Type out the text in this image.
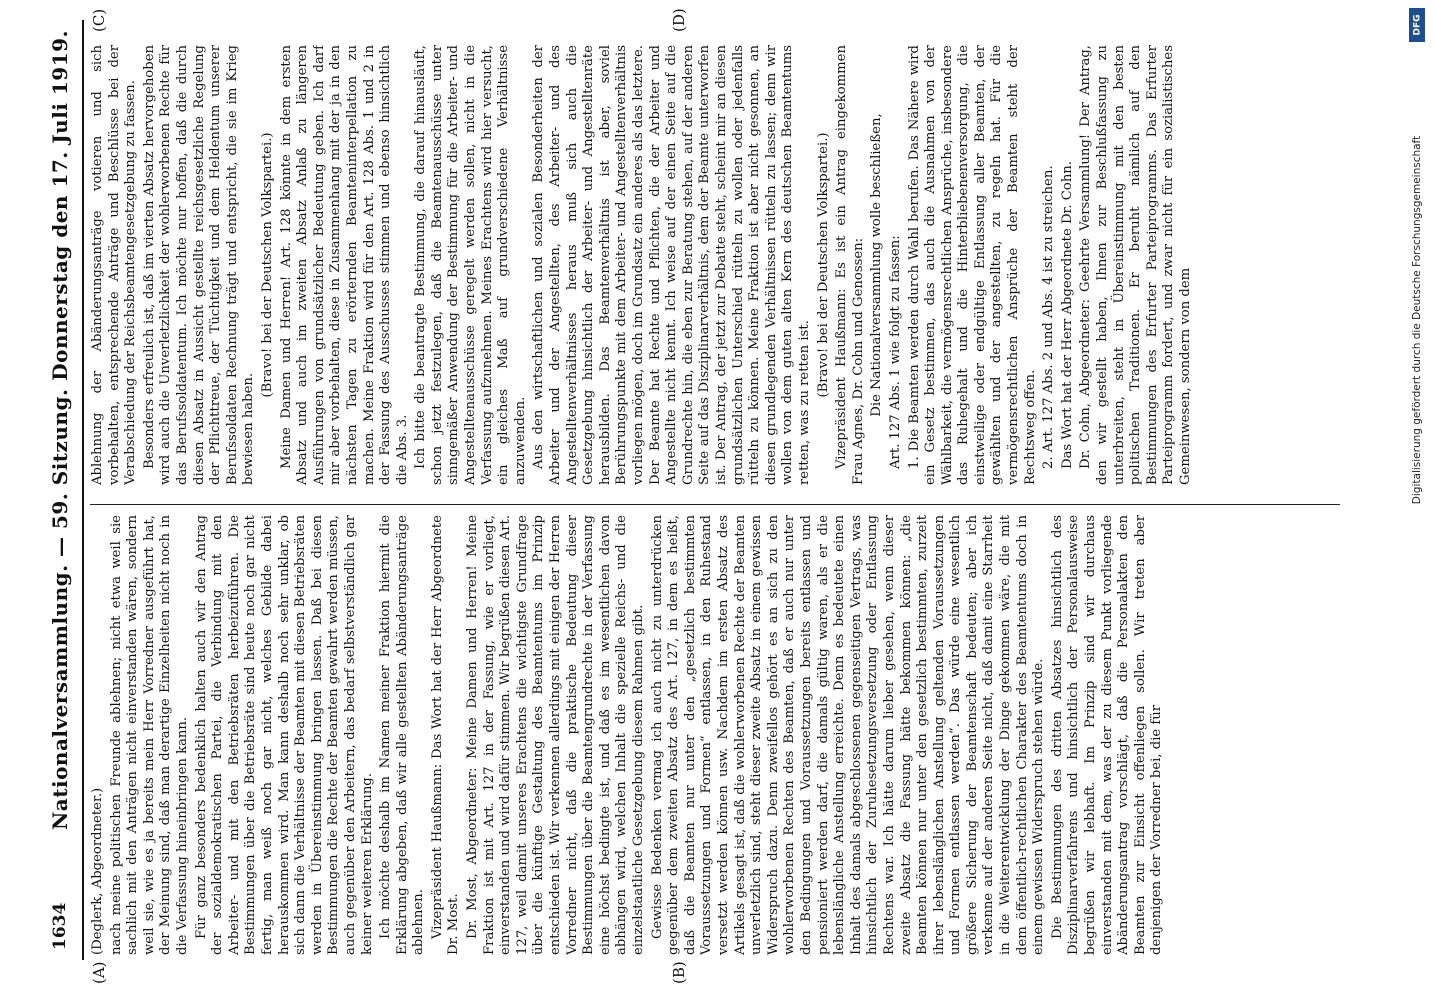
1634
Nationalversammlung. — 59. Sitzung.
Donnerstag den 17. Juli 1919.
(A)	(B)
(C)	(D)

(Deglerk, Abgeordneter.) nach meine politischen Freunde ablehnen; nicht etwa weil sie sachlich mit den Anträgen nicht einverstanden wären, sondern weil sie, wie es ja bereits mein Herr Vorredner ausgeführt hat, der Meinung sind, daß man derartige Einzelheiten nicht noch in die Verfassung hineinbringen kann. Für ganz besonders bedenklich halten auch wir den Antrag der sozialdemokratischen Partei, die Verbindung mit den Arbeiter- und mit den Betriebsräten herbeizuführen. Die Bestimmungen über die Betriebsräte sind heute noch gar nicht fertig, man weiß noch gar nicht, welches Gebilde dabei herauskommen wird. Man kann deshalb noch sehr unklar, ob sich dann die Verhältnisse der Beamten mit diesen Betriebsräten werden in Übereinstimmung bringen lassen. Daß bei diesen Bestimmungen die Rechte der Beamten gewahrt werden müssen, auch gegenüber den Arbeitern, das bedarf selbstverständlich gar keiner weiteren Erklärung. Ich möchte deshalb im Namen meiner Fraktion hiermit die Erklärung abgeben, daß wir alle gestellten Abänderungsanträge ablehnen. Vizepräsident Haußmann: Das Wort hat der Herr Abgeordnete Dr. Most. Dr. Most, Abgeordneter: Meine Damen und Herren! Meine Fraktion ist mit Art. 127 in der Fassung, wie er vorliegt, einverstanden und wird dafür stimmen. Wir begrüßen diesen Art. 127, weil damit unseres Erachtens die wichtigste Grundfrage über die künftige Gestaltung des Beamtentums im Prinzip entschieden ist. Wir verkennen allerdings mit einigen der Herren Vorredner nicht, daß die praktische Bedeutung dieser Bestimmungen über die Beamtengrundrechte in der Verfassung eine höchst bedingte ist, und daß es im wesentlichen davon abhängen wird, welchen Inhalt die spezielle Reichs- und die einzelstaatliche Gesetzgebung diesem Rahmen gibt. Gewisse Bedenken vermag ich auch nicht zu unterdrücken gegenüber dem zweiten Absatz des Art. 127, in dem es heißt, daß die Beamten nur unter den „gesetzlich bestimmten Voraussetzungen und Formen“ entlassen, in den Ruhestand versetzt werden können usw. Nachdem im ersten Absatz des Artikels gesagt ist, daß die wohlerworbenen Rechte der Beamten unverletzlich sind, steht dieser zweite Absatz in einem gewissen Widerspruch dazu. Denn zweifellos gehört es an sich zu den wohlerworbenen Rechten des Beamten, daß er auch nur unter den Bedingungen und Voraussetzungen bereits entlassen und pensioniert werden darf, die damals gültig waren, als er die lebenslängliche Anstellung erreichte. Denn es bedeutete einen Inhalt des damals abgeschlossenen gegenseitigen Vertrags, was hinsichtlich der Zuruhesetzungsversetzung oder Entlassung Rechtens war. Ich hätte darum lieber gesehen, wenn dieser zweite Absatz die Fassung hätte bekommen können: „die Beamten können nur unter den gesetzlich bestimmten, zurzeit ihrer lebenslänglichen Anstellung geltenden Voraussetzungen und Formen entlassen werden“. Das würde eine wesentlich größere Sicherung der Beamtenschaft bedeuten; aber ich verkenne auf der anderen Seite nicht, daß damit eine Starrheit in die Weiterentwicklung der Dinge gekommen wäre, die mit dem öffentlich-rechtlichen Charakter des Beamtentums doch in einem gewissen Widerspruch stehen würde. Die Bestimmungen des dritten Absatzes hinsichtlich des Disziplinarverfahrens und hinsichtlich der Personalausweise begrüßen wir lebhaft. Im Prinzip sind wir durchaus einverstanden mit dem, was der zu diesem Punkt vorliegende Abänderungsantrag vorschlägt, daß die Personalakten den Beamten zur Einsicht offenliegen sollen. Wir treten aber denjenigen der Vorredner bei, die für

Ablehnung der Abänderungsanträge votieren und sich vorbehalten, entsprechende Anträge und Beschlüsse bei der Verabschiedung der Reichsbeamtengesetzgebung zu fassen. Besonders erfreulich ist, daß im vierten Absatz hervorgehoben wird auch die Unverletzlichkeit der wohlerworbenen Rechte für das Berufssoldatentum. Ich möchte nur hoffen, daß die durch diesen Absatz in Aussicht gestellte reichsgesetzliche Regelung der Pflichttreue, der Tüchtigkeit und dem Heldentum unserer Berufssoldaten Rechnung trägt und entspricht, die sie im Krieg bewiesen haben.

(Bravo! bei der Deutschen Volkspartei.) Meine Damen und Herren! Art. 128 könnte in dem ersten Absatz und auch im zweiten Absatz Anlaß zu längeren Ausführungen von grundsätzlicher Bedeutung geben. Ich darf mir aber vorbehalten, diese in Zusammenhang mit der ja in den nächsten Tagen zu erörternden Beamteninterpellation zu machen. Meine Fraktion wird für den Art. 128 Abs. 1 und 2 in der Fassung des Ausschusses stimmen und ebenso hinsichtlich die Abs. 3. Ich bitte die beantragte Bestimmung, die darauf hinausläuft, schon jetzt festzulegen, daß die Beamtenausschüsse unter sinngemäßer Anwendung der Bestimmung für die Arbeiter- und Angestelltenausschüsse geregelt werden sollen, nicht in die Verfassung aufzunehmen. Meines Erachtens wird hier versucht, ein gleiches Maß auf grundverschiedene Verhältnisse anzuwenden. Aus den wirtschaftlichen und sozialen Besonderheiten der Arbeiter und der Angestellten, des Arbeiter- und des Angestelltenverhältnisses heraus muß sich auch die Gesetzgebung hinsichtlich der Arbeiter- und Angestelltenräte herausbilden. Das Beamtenverhältnis ist aber, soviel Berührungspunkte mit dem Arbeiter- und Angestelltenverhältnis vorliegen mögen, doch im Grundsatz ein anderes als das letztere. Der Beamte hat Rechte und Pflichten, die der Arbeiter und Angestellte nicht kennt. Ich weise auf der einen Seite auf die Grundrechte hin, die eben zur Beratung stehen, auf der anderen Seite auf das Disziplinarverhältnis, dem der Beamte unterworfen ist. Der Antrag, der jetzt zur Debatte steht, scheint mir an diesen grundsätzlichen Unterschied rütteln zu wollen oder jedenfalls rütteln zu können. Meine Fraktion ist aber nicht gesonnen, an diesen grundlegenden Verhältnissen rütteln zu lassen; denn wir wollen von dem guten alten Kern des deutschen Beamtentums retten, was zu retten ist.

(Bravo! bei der Deutschen Volkspartei.) Vizepräsident Haußmann: Es ist ein Antrag eingekommen Frau Agnes, Dr. Cohn und Genossen: Die Nationalversammlung wolle beschließen, Art. 127 Abs. 1 wie folgt zu fassen: 1. Die Beamten werden durch Wahl berufen. Das Nähere wird ein Gesetz bestimmen, das auch die Ausnahmen von der Wählbarkeit, die vermögensrechtlichen Ansprüche, insbesondere das Ruhegehalt und die Hinterbliebenenversorgung, die einstweilige oder endgültige Entlassung aller Beamten, der gewählten und der angestellten, zu regeln hat. Für die vermögensrechtlichen Ansprüche der Beamten steht der Rechtsweg offen. 2. Art. 127 Abs. 2 und Abs. 4 ist zu streichen. Das Wort hat der Herr Abgeordnete Dr. Cohn. Dr. Cohn, Abgeordneter: Geehrte Versammlung! Der Antrag, den wir gestellt haben, Ihnen zur Beschlußfassung zu unterbreiten, steht in Übereinstimmung mit den besten politischen Traditionen. Er beruht nämlich auf den Bestimmungen des Erfurter Parteiprogramms. Das Erfurter Parteiprogramm fordert, und zwar nicht für ein sozialistisches Gemeinwesen, sondern von dem

DFG
Digitalisierung gefördert durch die Deutsche Forschungsgemeinschaft
